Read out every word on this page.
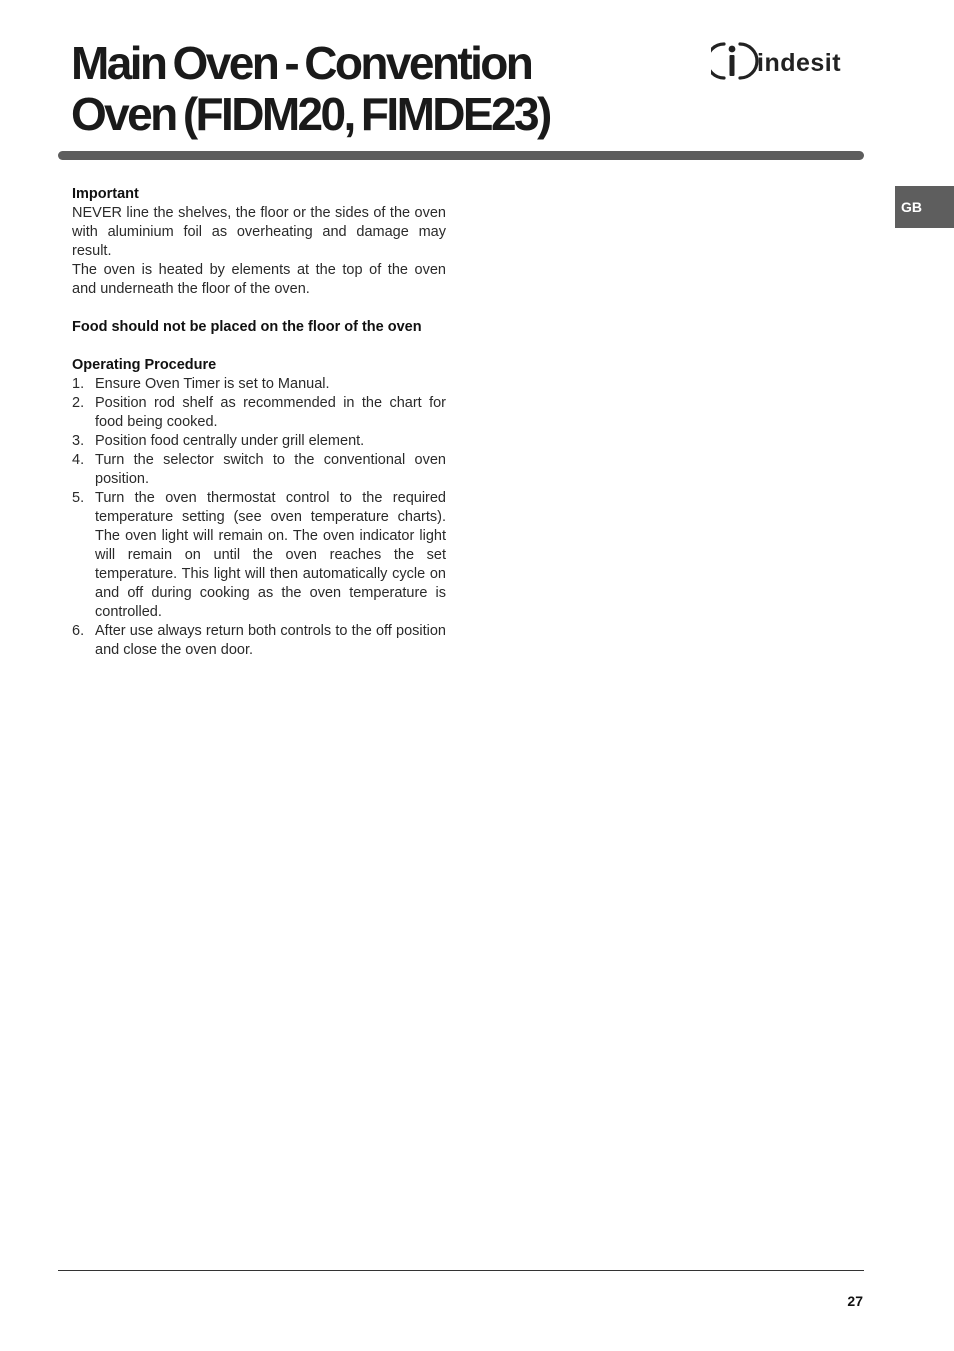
Main Oven - Convention
Oven (FIDM20, FIMDE23)
indesit
GB

Important

NEVER line the shelves, the floor or the sides of the oven with aluminium foil as overheating and damage may result.

The oven is heated by elements at the top of the oven and underneath the floor of the oven.

Food should not be placed on the floor of the oven

Operating Procedure

1. Ensure Oven Timer is set to Manual.
2. Position rod shelf as recommended in the chart for food being cooked.
3. Position food centrally under grill element.
4. Turn the selector switch to the conventional oven position.
5. Turn the oven thermostat control to the required temperature setting (see oven temperature charts). The oven light will remain on. The oven indicator light will remain on until the oven reaches the set temperature. This light will then automatically cycle on and off during cooking as the oven temperature is controlled.
6. After use always return both controls to the off position and close the oven door.
27
